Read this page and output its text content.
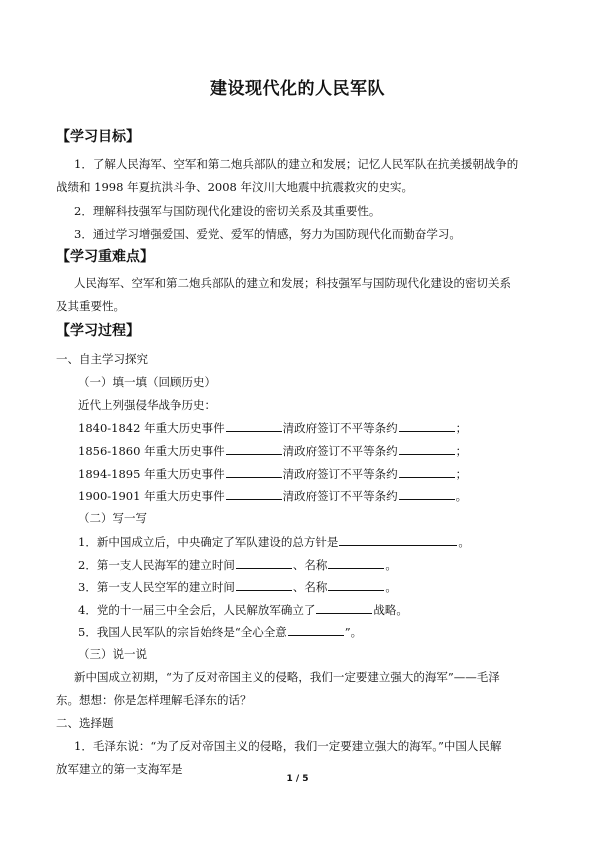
建设现代化的人民军队
【学习目标】
1．了解人民海军、空军和第二炮兵部队的建立和发展；记忆人民军队在抗美援朝战争的
战绩和 1998 年夏抗洪斗争、2008 年汶川大地震中抗震救灾的史实。
2．理解科技强军与国防现代化建设的密切关系及其重要性。
3．通过学习增强爱国、爱党、爱军的情感，努力为国防现代化而勤奋学习。
【学习重难点】
人民海军、空军和第二炮兵部队的建立和发展；科技强军与国防现代化建设的密切关系
及其重要性。
【学习过程】
一、自主学习探究
（一）填一填（回顾历史）
近代上列强侵华战争历史：
1840-1842 年重大历史事件	清政府签订不平等条约	；
1856-1860 年重大历史事件	清政府签订不平等条约	；
1894-1895 年重大历史事件	清政府签订不平等条约	；
1900-1901 年重大历史事件	清政府签订不平等条约	。
（二）写一写
1．新中国成立后，中央确定了军队建设的总方针是	。
2．第一支人民海军的建立时间	、名称	。
3．第一支人民空军的建立时间	、名称	。
4．党的十一届三中全会后，人民解放军确立了	战略。
5．我国人民军队的宗旨始终是“全心全意	”。
（三）说一说
新中国成立初期，“为了反对帝国主义的侵略，我们一定要建立强大的海军”——毛泽
东。想想：你是怎样理解毛泽东的话？
二、选择题
1．毛泽东说：“为了反对帝国主义的侵略，我们一定要建立强大的海军。”中国人民解
放军建立的第一支海军是
1 / 5
